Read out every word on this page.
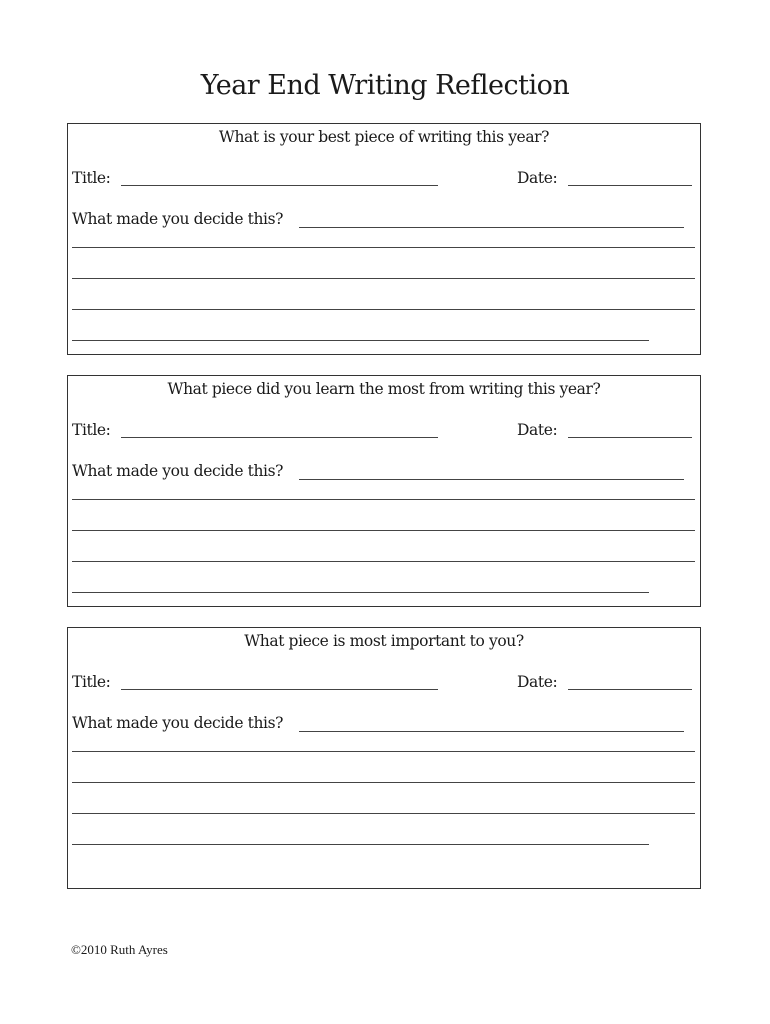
Year End Writing Reflection
What is your best piece of writing this year?
Title:	Date:
What made you decide this?
What piece did you learn the most from writing this year?
Title:	Date:
What made you decide this?
What piece is most important to you?
Title:	Date:
What made you decide this?
©2010 Ruth Ayres
